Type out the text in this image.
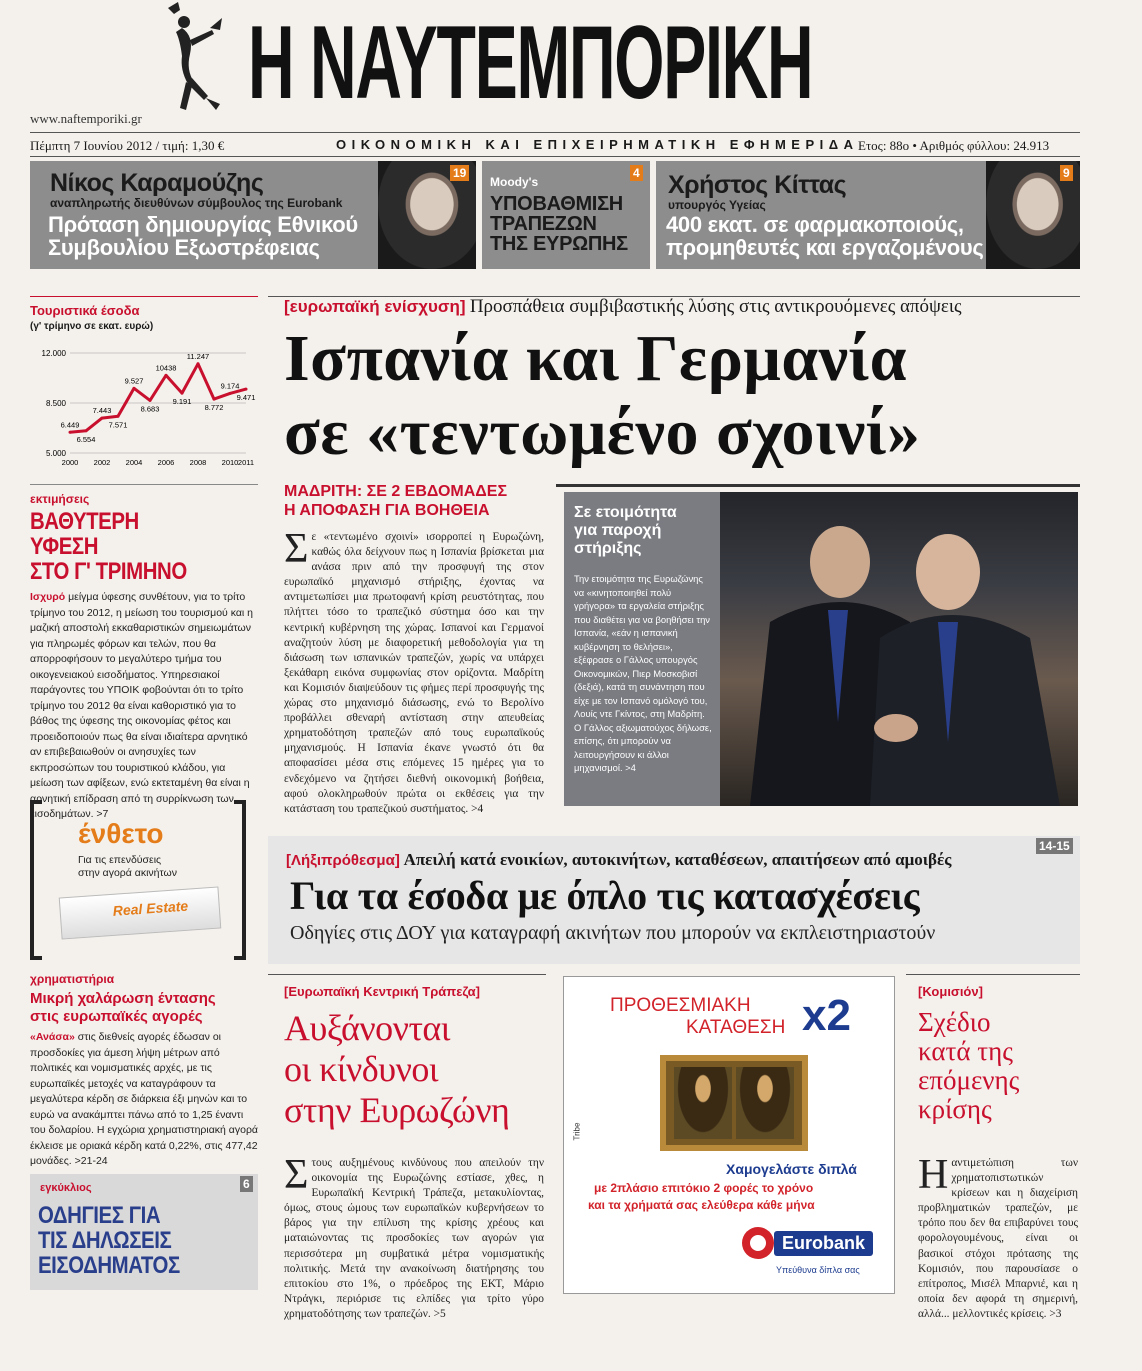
Η ΝΑΥΤΕΜΠΟΡΙΚΗ
www.naftemporiki.gr
Πέμπτη 7 Ιουνίου 2012 / τιμή: 1,30 €	ΟΙΚΟΝΟΜΙΚΗ ΚΑΙ ΕΠΙΧΕΙΡΗΜΑΤΙΚΗ ΕΦΗΜΕΡΙΔΑ Ετος: 88ο • Αριθμός φύλλου: 24.913
Νίκος Καραμούζης
αναπληρωτής διευθύνων σύμβουλος της Eurobank
Πρόταση δημιουργίας Εθνικού
Συμβουλίου Εξωστρέφειας
19
Moody's
ΥΠΟΒΑΘΜΙΣΗ
ΤΡΑΠΕΖΩΝ
ΤΗΣ ΕΥΡΩΠΗΣ
4 Χρήστος Κίττας
υπουργός Υγείας
400 εκατ. σε φαρμακοποιούς,
προμηθευτές και εργαζομένους
9
Τουριστικά έσοδα
(γ' τρίμηνο σε εκατ. ευρώ)
12.000
8.500
5.000
2000 2002 2004 2006 2008 2010 2011
6.449
6.554
7.443
7.571
9.527
8.683
10438
9.191
11.247
8.772
9.174
9.471
εκτιμήσεις
ΒΑΘΥΤΕΡΗ
ΥΦΕΣΗ
ΣΤΟ Γ' ΤΡΙΜΗΝΟ
Ισχυρό μείγμα ύφεσης συνθέτουν, για το τρίτο τρίμηνο του 2012, η μείωση του τουρισμού και η μαζική αποστολή εκκαθαριστικών σημειωμάτων για πληρωμές φόρων και τελών, που θα απορροφήσουν το μεγαλύτερο τμήμα του οικογενειακού εισοδήματος. Υπηρεσιακοί παράγοντες του ΥΠΟΙΚ φοβούνται ότι το τρίτο τρίμηνο του 2012 θα είναι καθοριστικό για το βάθος της ύφεσης της οικονομίας φέτος και προειδοποιούν πως θα είναι ιδιαίτερα αρνητικό αν επιβεβαιωθούν οι ανησυχίες των εκπροσώπων του τουριστικού κλάδου, για μείωση των αφίξεων, ενώ εκτεταμένη θα είναι η αρνητική επίδραση από τη συρρίκνωση των εισοδημάτων. >7
ένθετο
Για τις επενδύσεις
στην αγορά ακινήτων
Real Estate
χρηματιστήρια
Μικρή χαλάρωση έντασης
στις ευρωπαϊκές αγορές
«Ανάσα» στις διεθνείς αγορές έδωσαν οι προσδοκίες για άμεση λήψη μέτρων από πολιτικές και νομισματικές αρχές, με τις ευρωπαϊκές μετοχές να καταγράφουν τα μεγαλύτερα κέρδη σε διάρκεια έξι μηνών και το ευρώ να ανακάμπτει πάνω από το 1,25 έναντι του δολαρίου. Η εγχώρια χρηματιστηριακή αγορά έκλεισε με οριακά κέρδη κατά 0,22%, στις 477,42 μονάδες. >21-24
εγκύκλιος	6
ΟΔΗΓΙΕΣ ΓΙΑ
ΤΙΣ ΔΗΛΩΣΕΙΣ
ΕΙΣΟΔΗΜΑΤΟΣ
[ευρωπαϊκή ενίσχυση] Προσπάθεια συμβιβαστικής λύσης στις αντικρουόμενες απόψεις
Ισπανία και Γερμανία
σε «τεντωμένο σχοινί»
ΜΑΔΡΙΤΗ: ΣΕ 2 ΕΒΔΟΜΑΔΕΣ
Η ΑΠΟΦΑΣΗ ΓΙΑ ΒΟΗΘΕΙΑ
Σε «τεντωμένο σχοινί» ισορροπεί η Ευρωζώνη, καθώς όλα δείχνουν πως η Ισπανία βρίσκεται μια ανάσα πριν από την προσφυγή της στον ευρωπαϊκό μηχανισμό στήριξης, έχοντας να αντιμετωπίσει μια πρωτοφανή κρίση ρευστότητας, που πλήττει τόσο το τραπεζικό σύστημα όσο και την κεντρική κυβέρνηση της χώρας. Ισπανοί και Γερμανοί αναζητούν λύση με διαφορετική μεθοδολογία για τη διάσωση των ισπανικών τραπεζών, χωρίς να υπάρχει ξεκάθαρη εικόνα συμφωνίας στον ορίζοντα. Μαδρίτη και Κομισιόν διαψεύδουν τις φήμες περί προσφυγής της χώρας στο μηχανισμό διάσωσης, ενώ το Βερολίνο προβάλλει σθεναρή αντίσταση στην απευθείας χρηματοδότηση τραπεζών από τους ευρωπαϊκούς μηχανισμούς. Η Ισπανία έκανε γνωστό ότι θα αποφασίσει μέσα στις επόμενες 15 ημέρες για το ενδεχόμενο να ζητήσει διεθνή οικονομική βοήθεια, αφού ολοκληρωθούν πρώτα οι εκθέσεις για την κατάσταση του τραπεζικού συστήματος. >4
Σε ετοιμότητα
για παροχή
στήριξης
Την ετοιμότητα της Ευρωζώνης να «κινητοποιηθεί πολύ γρήγορα» τα εργαλεία στήριξης που διαθέτει για να βοηθήσει την Ισπανία, «εάν η ισπανική κυβέρνηση το θελήσει», εξέφρασε ο Γάλλος υπουργός Οικονομικών, Πιερ Μοσκοβισί (δεξιά), κατά τη συνάντηση που είχε με τον Ισπανό ομόλογό του, Λουίς ντε Γκίντος, στη Μαδρίτη. Ο Γάλλος αξιωματούχος δήλωσε, επίσης, ότι μπορούν να λειτουργήσουν κι άλλοι μηχανισμοί. >4
[Λήξιπρόθεσμα] Απειλή κατά ενοικίων, αυτοκινήτων, καταθέσεων, απαιτήσεων από αμοιβές
14-15
Για τα έσοδα με όπλο τις κατασχέσεις
Οδηγίες στις ΔΟΥ για καταγραφή ακινήτων που μπορούν να εκπλειστηριαστούν
[Ευρωπαϊκή Κεντρική Τράπεζα]
Αυξάνονται
οι κίνδυνοι
στην Ευρωζώνη
Στους αυξημένους κινδύνους που απειλούν την οικονομία της Ευρωζώνης εστίασε, χθες, η Ευρωπαϊκή Κεντρική Τράπεζα, μετακυλίοντας, όμως, στους ώμους των ευρωπαϊκών κυβερνήσεων το βάρος για την επίλυση της κρίσης χρέους και ματαιώνοντας τις προσδοκίες των αγορών για περισσότερα μη συμβατικά μέτρα νομισματικής πολιτικής. Μετά την ανακοίνωση διατήρησης του επιτοκίου στο 1%, ο πρόεδρος της ΕΚΤ, Μάριο Ντράγκι, περιόρισε τις ελπίδες για τρίτο γύρο χρηματοδότησης των τραπεζών. >5
ΠΡΟΘΕΣΜΙΑΚΗ
ΚΑΤΑΘΕΣΗ x2
Tribe
Χαμογελάστε διπλά
με 2πλάσιο επιτόκιο 2 φορές το χρόνο
και τα χρήματά σας ελεύθερα κάθε μήνα
Eurobank
Υπεύθυνα δίπλα σας
[Κομισιόν]
Σχέδιο
κατά της
επόμενης
κρίσης
Ηαντιμετώπιση των χρηματοπιστωτικών κρίσεων και η διαχείριση προβληματικών τραπεζών, με τρόπο που δεν θα επιβαρύνει τους φορολογουμένους, είναι οι βασικοί στόχοι πρότασης της Κομισιόν, που παρουσίασε ο επίτροπος, Μισέλ Μπαρνιέ, και η οποία δεν αφορά τη σημερινή, αλλά... μελλοντικές κρίσεις. >3
